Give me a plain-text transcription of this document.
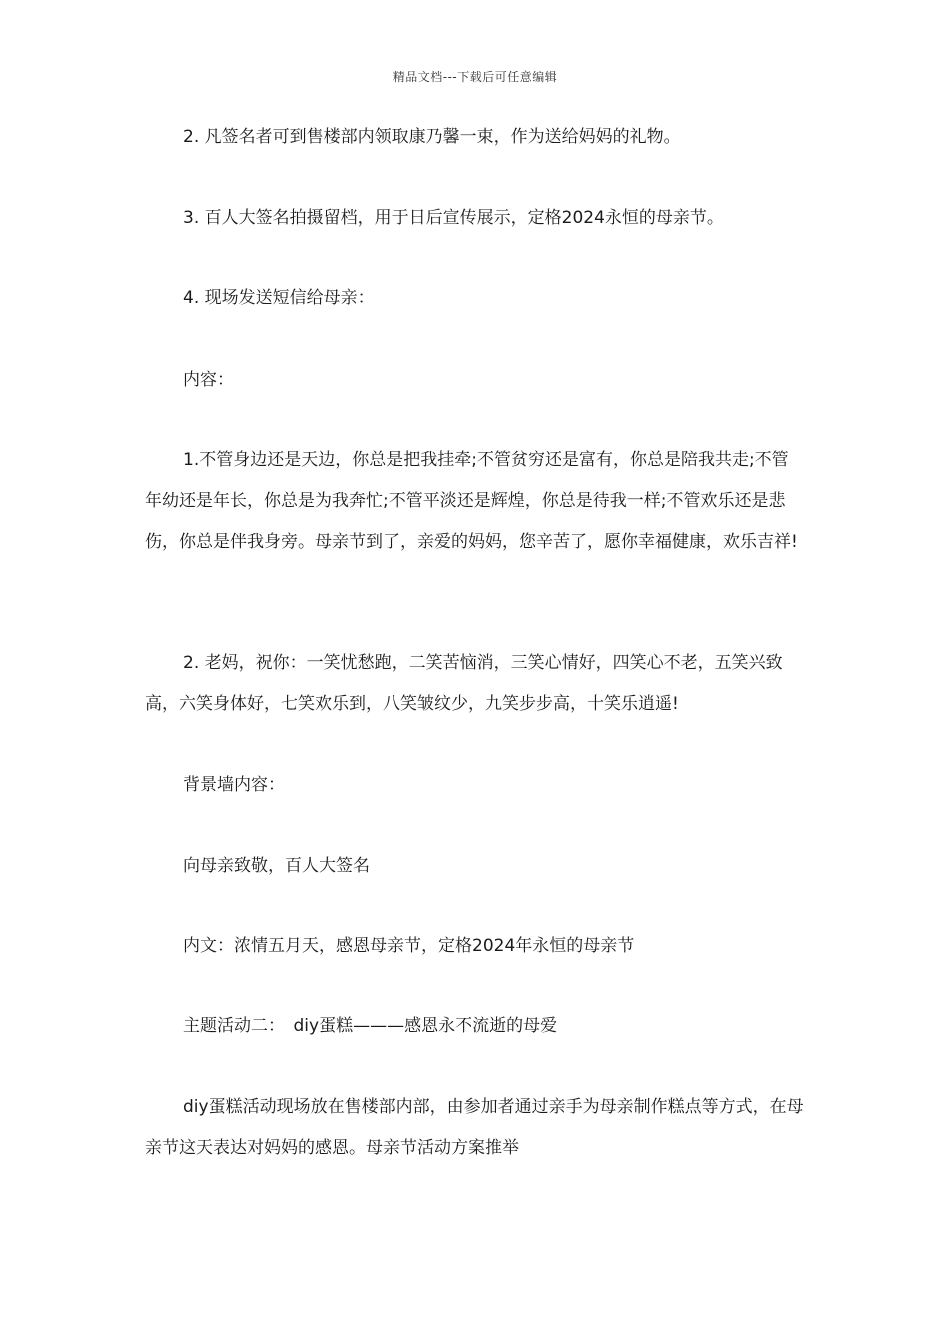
精品文档---下载后可任意编辑

2. 凡签名者可到售楼部内领取康乃馨一束，作为送给妈妈的礼物。

3. 百人大签名拍摄留档，用于日后宣传展示，定格2024永恒的母亲节。

4. 现场发送短信给母亲：

内容：

1.不管身边还是天边，你总是把我挂牵;不管贫穷还是富有，你总是陪我共走;不管年幼还是年长，你总是为我奔忙;不管平淡还是辉煌，你总是待我一样;不管欢乐还是悲伤，你总是伴我身旁。母亲节到了，亲爱的妈妈，您辛苦了，愿你幸福健康，欢乐吉祥!

2. 老妈，祝你：一笑忧愁跑，二笑苦恼消，三笑心情好，四笑心不老，五笑兴致高，六笑身体好，七笑欢乐到，八笑皱纹少，九笑步步高，十笑乐逍遥!

背景墙内容：

向母亲致敬，百人大签名

内文：浓情五月天，感恩母亲节，定格2024年永恒的母亲节

主题活动二：　diy蛋糕———感恩永不流逝的母爱

diy蛋糕活动现场放在售楼部内部，由参加者通过亲手为母亲制作糕点等方式，在母亲节这天表达对妈妈的感恩。母亲节活动方案推举
